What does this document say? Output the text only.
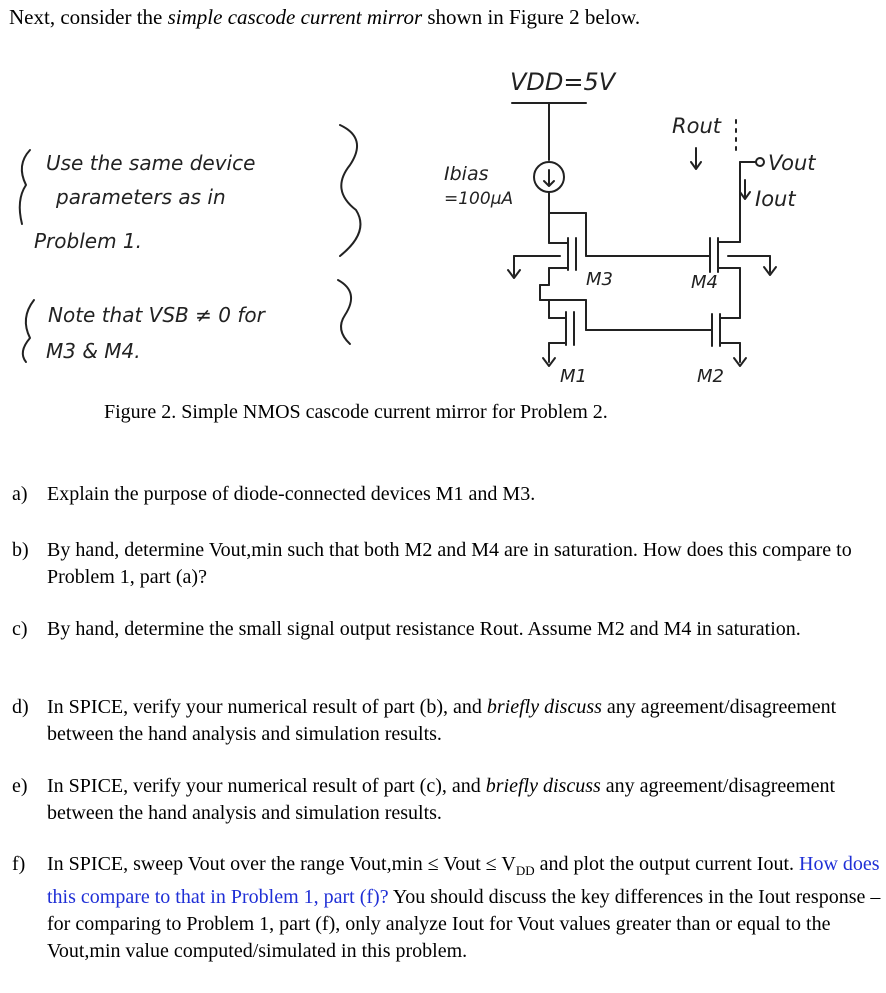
Next, consider the simple cascode current mirror shown in Figure 2 below.
VDD=5V
Rout
Vout
Iout
Ibias
=100µA
M3	M4
M1	M2
Use the same device
parameters as in
Problem 1.
Note that VSB ≠ 0 for
M3 & M4.
Figure 2. Simple NMOS cascode current mirror for Problem 2.
a) Explain the purpose of diode-connected devices M1 and M3.
b) By hand, determine Vout,min such that both M2 and M4 are in saturation. How does this compare to Problem 1, part (a)?
c) By hand, determine the small signal output resistance Rout. Assume M2 and M4 in saturation.
d) In SPICE, verify your numerical result of part (b), and briefly discuss any agreement/disagreement between the hand analysis and simulation results.
e) In SPICE, verify your numerical result of part (c), and briefly discuss any agreement/disagreement between the hand analysis and simulation results.
f) In SPICE, sweep Vout over the range Vout,min ≤ Vout ≤ $V_{DD}$ and plot the output current Iout. How does this compare to that in Problem 1, part (f)? You should discuss the key differences in the Iout response – for comparing to Problem 1, part (f), only analyze Iout for Vout values greater than or equal to the Vout,min value computed/simulated in this problem.
